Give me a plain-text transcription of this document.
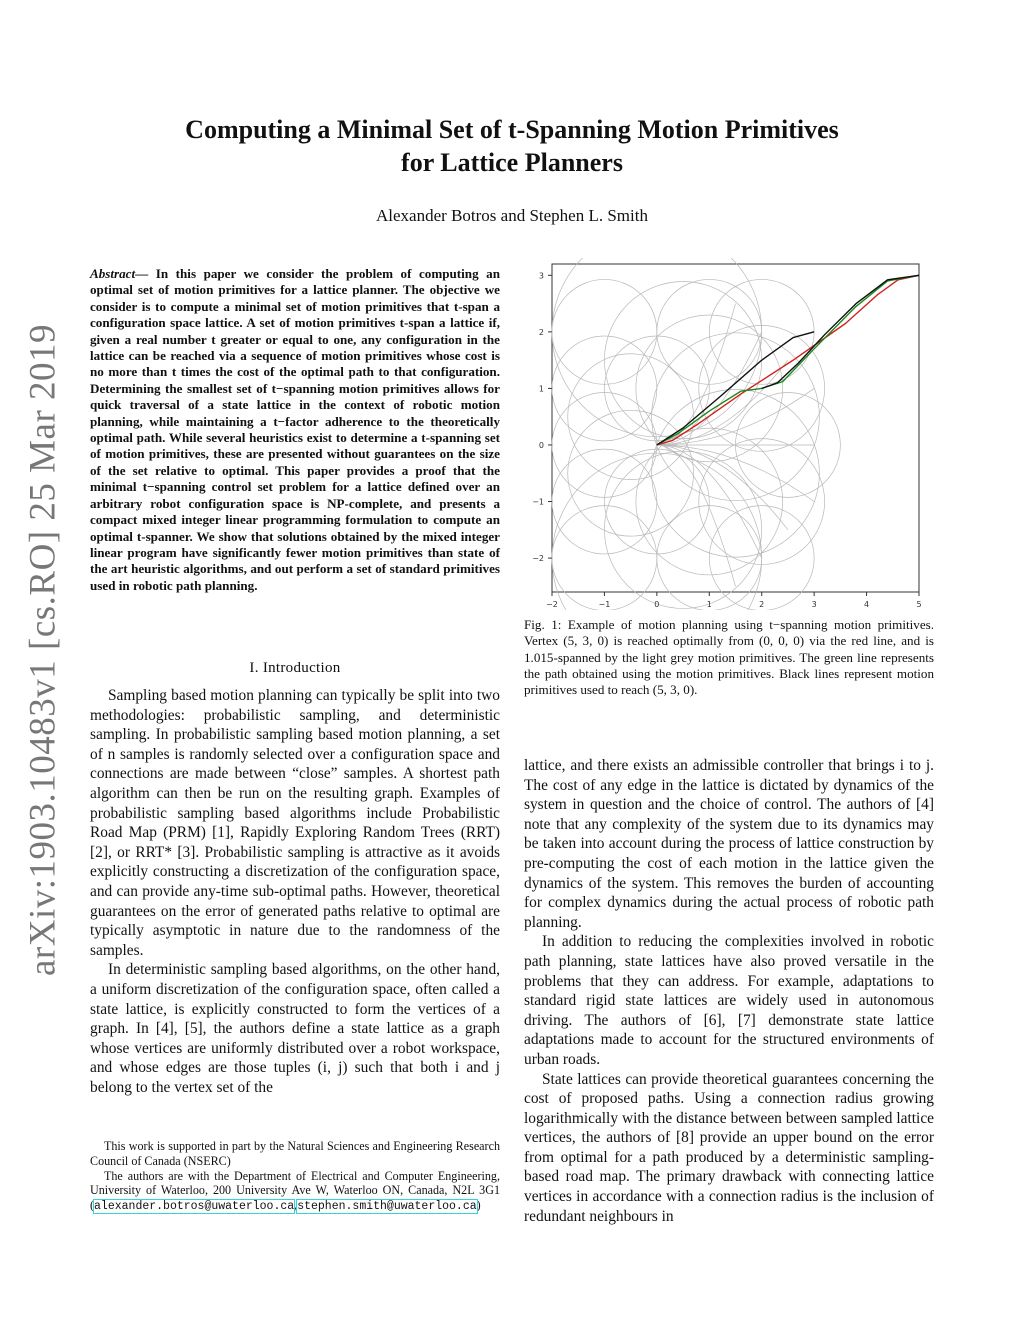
arXiv:1903.10483v1 [cs.RO] 25 Mar 2019
Computing a Minimal Set of t-Spanning Motion Primitives
for Lattice Planners
Alexander Botros and Stephen L. Smith
Abstract— In this paper we consider the problem of computing an optimal set of motion primitives for a lattice planner. The objective we consider is to compute a minimal set of motion primitives that t-span a configuration space lattice. A set of motion primitives t-span a lattice if, given a real number t greater or equal to one, any configuration in the lattice can be reached via a sequence of motion primitives whose cost is no more than t times the cost of the optimal path to that configuration. Determining the smallest set of t−spanning motion primitives allows for quick traversal of a state lattice in the context of robotic motion planning, while maintaining a t−factor adherence to the theoretically optimal path. While several heuristics exist to determine a t-spanning set of motion primitives, these are presented without guarantees on the size of the set relative to optimal. This paper provides a proof that the minimal t−spanning control set problem for a lattice defined over an arbitrary robot configuration space is NP-complete, and presents a compact mixed integer linear programming formulation to compute an optimal t-spanner. We show that solutions obtained by the mixed integer linear program have significantly fewer motion primitives than state of the art heuristic algorithms, and out perform a set of standard primitives used in robotic path planning.
I. Introduction

Sampling based motion planning can typically be split into two methodologies: probabilistic sampling, and deterministic sampling. In probabilistic sampling based motion planning, a set of n samples is randomly selected over a configuration space and connections are made between “close” samples. A shortest path algorithm can then be run on the resulting graph. Examples of probabilistic sampling based algorithms include Probabilistic Road Map (PRM) [1], Rapidly Exploring Random Trees (RRT) [2], or RRT* [3]. Probabilistic sampling is attractive as it avoids explicitly constructing a discretization of the configuration space, and can provide any-time sub-optimal paths. However, theoretical guarantees on the error of generated paths relative to optimal are typically asymptotic in nature due to the randomness of the samples.

In deterministic sampling based algorithms, on the other hand, a uniform discretization of the configuration space, often called a state lattice, is explicitly constructed to form the vertices of a graph. In [4], [5], the authors define a state lattice as a graph whose vertices are uniformly distributed over a robot workspace, and whose edges are those tuples (i, j) such that both i and j belong to the vertex set of the

This work is supported in part by the Natural Sciences and Engineering Research Council of Canada (NSERC)

The authors are with the Department of Electrical and Computer Engineering, University of Waterloo, 200 University Ave W, Waterloo ON, Canada, N2L 3G1 (alexander.botros@uwaterloo.ca,stephen.smith@uwaterloo.ca)

−2	−1	0	1	2	3	4	5
−2
−1
0
1
2
3
Fig. 1: Example of motion planning using t−spanning motion primitives. Vertex (5, 3, 0) is reached optimally from (0, 0, 0) via the red line, and is 1.015-spanned by the light grey motion primitives. The green line represents the path obtained using the motion primitives. Black lines represent motion primitives used to reach (5, 3, 0).

lattice, and there exists an admissible controller that brings i to j. The cost of any edge in the lattice is dictated by dynamics of the system in question and the choice of control. The authors of [4] note that any complexity of the system due to its dynamics may be taken into account during the process of lattice construction by pre-computing the cost of each motion in the lattice given the dynamics of the system. This removes the burden of accounting for complex dynamics during the actual process of robotic path planning.

In addition to reducing the complexities involved in robotic path planning, state lattices have also proved versatile in the problems that they can address. For example, adaptations to standard rigid state lattices are widely used in autonomous driving. The authors of [6], [7] demonstrate state lattice adaptations made to account for the structured environments of urban roads.

State lattices can provide theoretical guarantees concerning the cost of proposed paths. Using a connection radius growing logarithmically with the distance between between sampled lattice vertices, the authors of [8] provide an upper bound on the error from optimal for a path produced by a deterministic sampling-based road map. The primary drawback with connecting lattice vertices in accordance with a connection radius is the inclusion of redundant neighbours in
